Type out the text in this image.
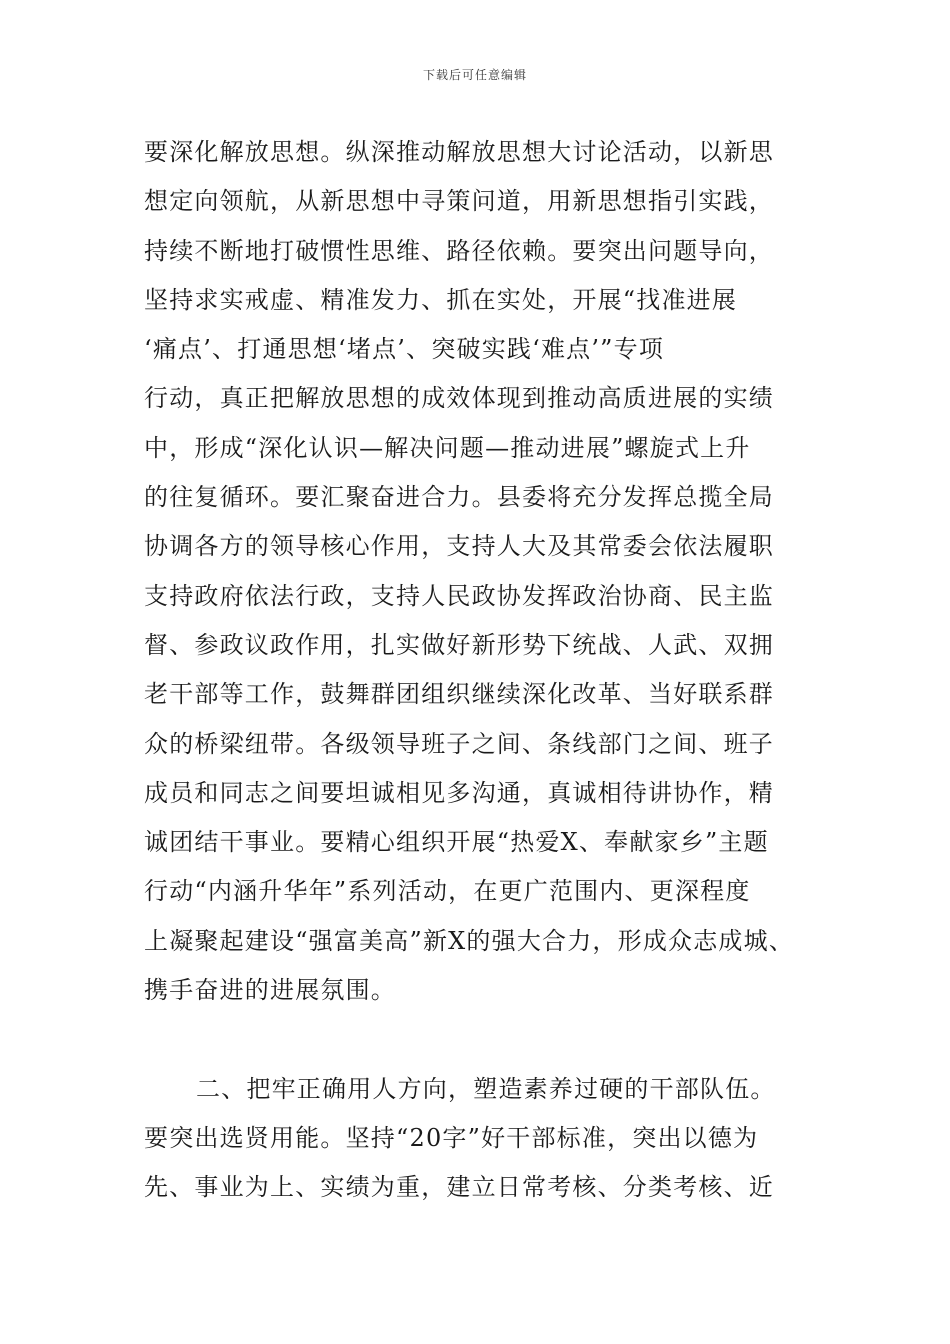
下载后可任意编辑
要深化解放思想。纵深推动解放思想大讨论活动，以新思
想定向领航，从新思想中寻策问道，用新思想指引实践，
持续不断地打破惯性思维、路径依赖。要突出问题导向，
坚持求实戒虚、精准发力、抓在实处，开展“找准进展
‘痛点’、打通思想‘堵点’、突破实践‘难点’”专项
行动，真正把解放思想的成效体现到推动高质进展的实绩
中，形成“深化认识—解决问题—推动进展”螺旋式上升
的往复循环。要汇聚奋进合力。县委将充分发挥总揽全局
协调各方的领导核心作用，支持人大及其常委会依法履职
支持政府依法行政，支持人民政协发挥政治协商、民主监
督、参政议政作用，扎实做好新形势下统战、人武、双拥
老干部等工作，鼓舞群团组织继续深化改革、当好联系群
众的桥梁纽带。各级领导班子之间、条线部门之间、班子
成员和同志之间要坦诚相见多沟通，真诚相待讲协作，精
诚团结干事业。要精心组织开展“热爱X、奉献家乡”主题
行动“内涵升华年”系列活动，在更广范围内、更深程度
上凝聚起建设“强富美高”新X的强大合力，形成众志成城、
携手奋进的进展氛围。
二、把牢正确用人方向，塑造素养过硬的干部队伍。
要突出选贤用能。坚持“20字”好干部标准，突出以德为
先、事业为上、实绩为重，建立日常考核、分类考核、近
